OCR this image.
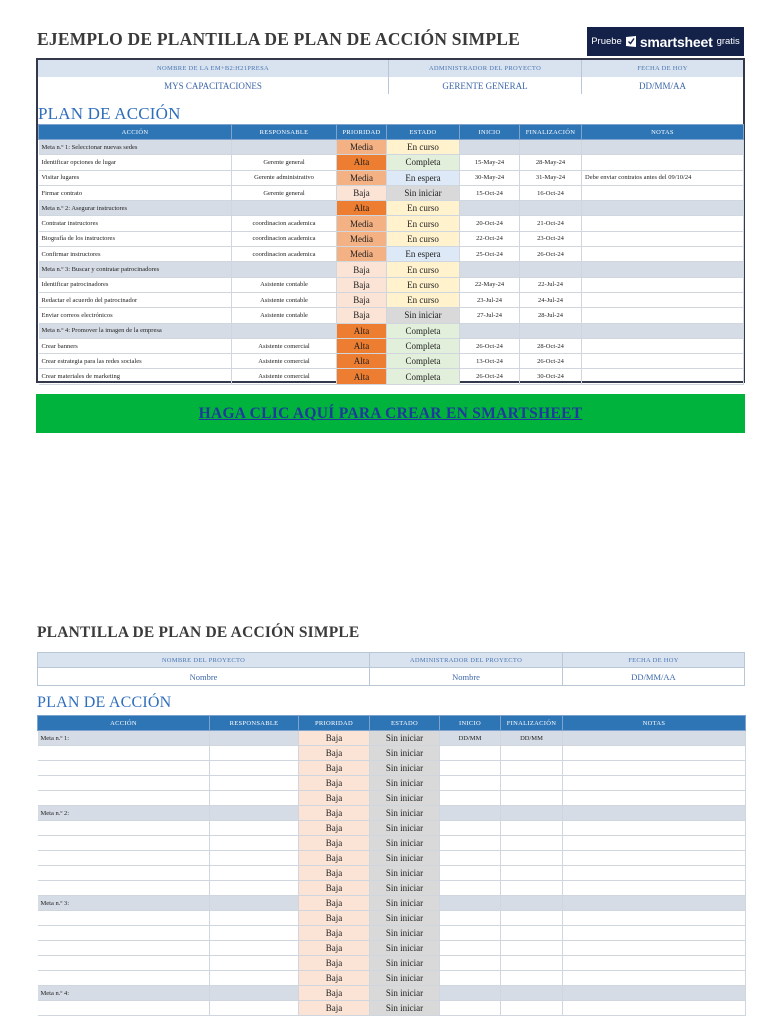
EJEMPLO DE PLANTILLA DE PLAN DE ACCIÓN SIMPLE	Pruebe smartsheet gratis
NOMBRE DE LA EM+B2:H21PRESA	ADMINISTRADOR DEL PROYECTO	FECHA DE HOY
MYS CAPACITACIONES	GERENTE GENERAL	DD/MM/AA
PLAN DE ACCIÓN
ACCIÓN	RESPONSABLE	PRIORIDAD	ESTADO	INICIO	FINALIZACIÓN	NOTAS
Meta n.º 1: Seleccionar nuevas sedes		Media	En curso			
Identificar opciones de lugar	Gerente general	Alta	Completa	15-May-24	28-May-24	
Visitar lugares	Gerente administrativo	Media	En espera	30-May-24	31-May-24	Debe enviar contratos antes del 09/10/24
Firmar contrato	Gerente general	Baja	Sin iniciar	15-Oct-24	16-Oct-24	
Meta n.º 2: Asegurar instructores		Alta	En curso			
Contratar instructores	coordinacion academica	Media	En curso	20-Oct-24	21-Oct-24	
Biografía de los instructores	coordinacion academica	Media	En curso	22-Oct-24	23-Oct-24	
Confirmar instructores	coordinacion academica	Media	En espera	25-Oct-24	26-Oct-24	
Meta n.º 3: Buscar y contratar patrocinadores		Baja	En curso			
Identificar patrocinadores	Asistente contable	Baja	En curso	22-May-24	22-Jul-24	
Redactar el acuerdo del patrocinador	Asistente contable	Baja	En curso	23-Jul-24	24-Jul-24	
Enviar correos electrónicos	Asistente contable	Baja	Sin iniciar	27-Jul-24	28-Jul-24	
Meta n.º 4: Promover la imagen de la empresa		Alta	Completa			
Crear banners	Asistente comercial	Alta	Completa	26-Oct-24	28-Oct-24	
Crear estrategia para las redes sociales	Asistente comercial	Alta	Completa	13-Oct-24	26-Oct-24	
Crear materiales de marketing	Asistente comercial	Alta	Completa	26-Oct-24	30-Oct-24	
HAGA CLIC AQUÍ PARA CREAR EN SMARTSHEET
PLANTILLA DE PLAN DE ACCIÓN SIMPLE
NOMBRE DEL PROYECTO	ADMINISTRADOR DEL PROYECTO	FECHA DE HOY
Nombre	Nombre	DD/MM/AA
PLAN DE ACCIÓN
ACCIÓN	RESPONSABLE	PRIORIDAD	ESTADO	INICIO	FINALIZACIÓN	NOTAS
Meta n.º 1:		Baja	Sin iniciar	DD/MM	DD/MM	
		Baja	Sin iniciar			
		Baja	Sin iniciar			
		Baja	Sin iniciar			
		Baja	Sin iniciar			
Meta n.º 2:		Baja	Sin iniciar			
		Baja	Sin iniciar			
		Baja	Sin iniciar			
		Baja	Sin iniciar			
		Baja	Sin iniciar			
		Baja	Sin iniciar			
Meta n.º 3:		Baja	Sin iniciar			
		Baja	Sin iniciar			
		Baja	Sin iniciar			
		Baja	Sin iniciar			
		Baja	Sin iniciar			
		Baja	Sin iniciar			
Meta n.º 4:		Baja	Sin iniciar			
		Baja	Sin iniciar			
